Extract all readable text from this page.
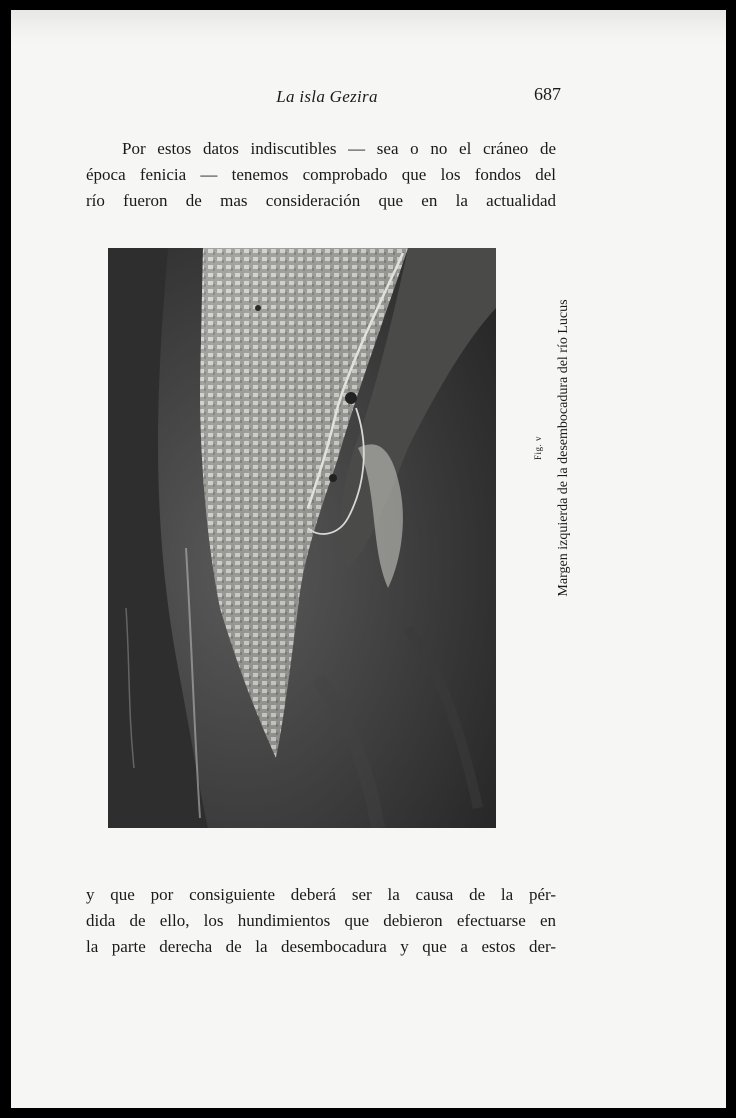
La isla Gezira	687

Por estos datos indiscutibles — sea o no el cráneo de
época fenicia — tenemos comprobado que los fondos del
río fueron de mas consideración que en la actualidad

Fig. v Margen izquierda de la desembocadura del río Lucus

y que por consiguiente deberá ser la causa de la pér-
dida de ello, los hundimientos que debieron efectuarse en
la parte derecha de la desembocadura y que a estos der-
